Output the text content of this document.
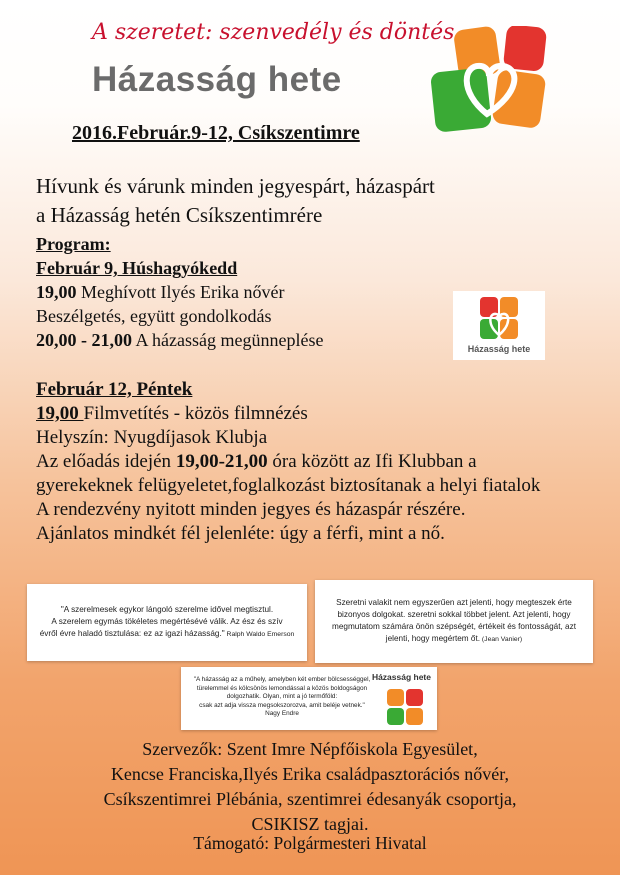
A szeretet: szenvedély és döntés
Házasság hete
2016.Február.9-12, Csíkszentimre
Hívunk és várunk minden jegyespárt, házaspárt
a Házasság hetén Csíkszentimrére
Program:
Február 9, Húshagyókedd
19,00 Meghívott Ilyés Erika nővér
Beszélgetés, együtt gondolkodás
20,00 - 21,00 A házasság megünneplése	Házasság hete
Február 12, Péntek
19,00 Filmvetítés - közös filmnézés
Helyszín: Nyugdíjasok Klubja
Az előadás idején 19,00-21,00 óra között az Ifi Klubban a
gyerekeknek felügyeletet,foglalkozást biztosítanak a helyi fiatalok
A rendezvény nyitott minden jegyes és házaspár részére.
Ajánlatos mindkét fél jelenléte: úgy a férfi, mint a nő.
"A szerelmesek egykor lángoló szerelme idővel megtisztul.
A szerelem egymás tökéletes megértésévé válik. Az ész és szív
évről évre haladó tisztulása: ez az igazi házasság." Ralph Waldo Emerson
Szeretni valakit nem egyszerűen azt jelenti, hogy megteszek érte
bizonyos dolgokat. szeretni sokkal többet jelent. Azt jelenti, hogy
megmutatom számára önön szépségét, értékeit és fontosságát, azt
jelenti, hogy megértem őt. (Jean Vanier)
"A házasság az a műhely, amelyben két ember bölcsességgel,
türelemmel és kölcsönös lemondással a közös boldogságon
dolgozhatik. Olyan, mint a jó termőföld:
csak azt adja vissza megsokszorozva, amit beléje vetnek."
Nagy Endre
Házasság hete
Szervezők: Szent Imre Népfőiskola Egyesület,
Kencse Franciska,Ilyés Erika családpasztorációs nővér,
Csíkszentimrei Plébánia, szentimrei édesanyák csoportja,
CSIKISZ tagjai.
Támogató: Polgármesteri Hivatal
